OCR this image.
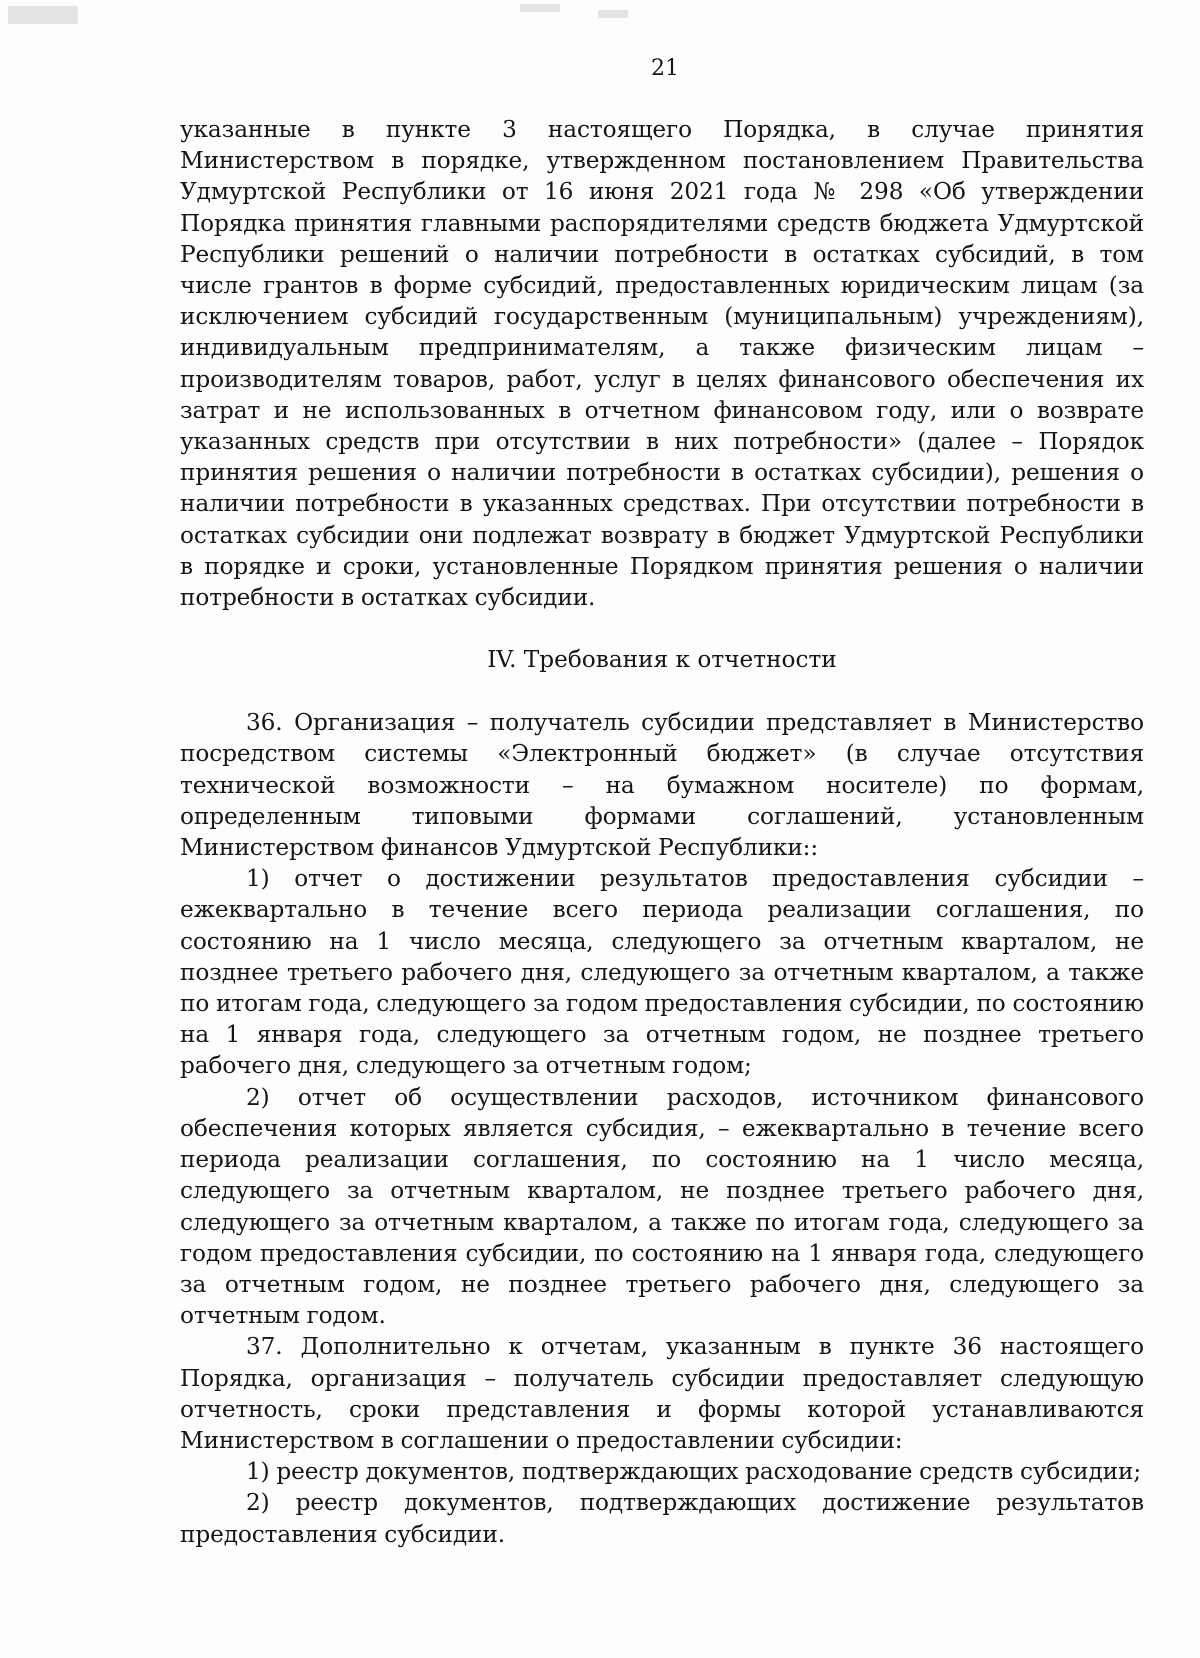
21

указанные в пункте 3 настоящего Порядка, в случае принятия Министерством в порядке, утвержденном постановлением Правительства Удмуртской Республики от 16 июня 2021 года № 298 «Об утверждении Порядка принятия главными распорядителями средств бюджета Удмуртской Республики решений о наличии потребности в остатках субсидий, в том числе грантов в форме субсидий, предоставленных юридическим лицам (за исключением субсидий государственным (муниципальным) учреждениям), индивидуальным предпринимателям, а также физическим лицам – производителям товаров, работ, услуг в целях финансового обеспечения их затрат и не использованных в отчетном финансовом году, или о возврате указанных средств при отсутствии в них потребности» (далее – Порядок принятия решения о наличии потребности в остатках субсидии), решения о наличии потребности в указанных средствах. При отсутствии потребности в остатках субсидии они подлежат возврату в бюджет Удмуртской Республики в порядке и сроки, установленные Порядком принятия решения о наличии потребности в остатках субсидии.

IV. Требования к отчетности

36. Организация – получатель субсидии представляет в Министерство посредством системы «Электронный бюджет» (в случае отсутствия технической возможности – на бумажном носителе) по формам, определенным типовыми формами соглашений, установленным Министерством финансов Удмуртской Республики::

1) отчет о достижении результатов предоставления субсидии – ежеквартально в течение всего периода реализации соглашения, по состоянию на 1 число месяца, следующего за отчетным кварталом, не позднее третьего рабочего дня, следующего за отчетным кварталом, а также по итогам года, следующего за годом предоставления субсидии, по состоянию на 1 января года, следующего за отчетным годом, не позднее третьего рабочего дня, следующего за отчетным годом;

2) отчет об осуществлении расходов, источником финансового обеспечения которых является субсидия, – ежеквартально в течение всего периода реализации соглашения, по состоянию на 1 число месяца, следующего за отчетным кварталом, не позднее третьего рабочего дня, следующего за отчетным кварталом, а также по итогам года, следующего за годом предоставления субсидии, по состоянию на 1 января года, следующего за отчетным годом, не позднее третьего рабочего дня, следующего за отчетным годом.

37. Дополнительно к отчетам, указанным в пункте 36 настоящего Порядка, организация – получатель субсидии предоставляет следующую отчетность, сроки представления и формы которой устанавливаются Министерством в соглашении о предоставлении субсидии:

1) реестр документов, подтверждающих расходование средств субсидии;

2) реестр документов, подтверждающих достижение результатов предоставления субсидии.
